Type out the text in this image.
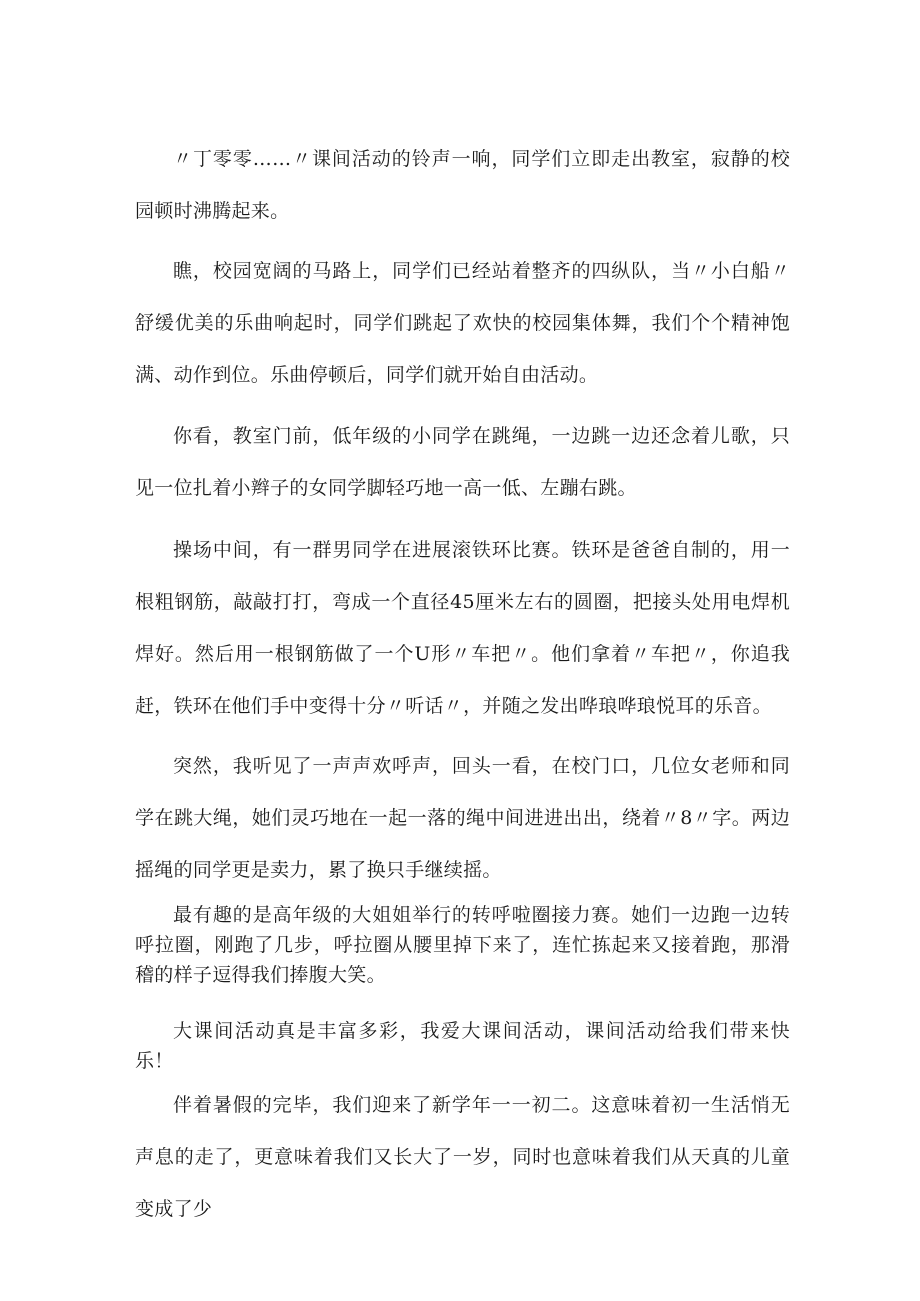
〃丁零零……〃课间活动的铃声一响，同学们立即走出教室，寂静的校园顿时沸腾起来。

瞧，校园宽阔的马路上，同学们已经站着整齐的四纵队，当〃小白船〃舒缓优美的乐曲响起时，同学们跳起了欢快的校园集体舞，我们个个精神饱满、动作到位。乐曲停顿后，同学们就开始自由活动。

你看，教室门前，低年级的小同学在跳绳，一边跳一边还念着儿歌，只见一位扎着小辫子的女同学脚轻巧地一高一低、左蹦右跳。

操场中间，有一群男同学在进展滚铁环比赛。铁环是爸爸自制的，用一根粗钢筋，敲敲打打，弯成一个直径45厘米左右的圆圈，把接头处用电焊机焊好。然后用一根钢筋做了一个U形〃车把〃。他们拿着〃车把〃，你追我赶，铁环在他们手中变得十分〃听话〃，并随之发出哗琅哗琅悦耳的乐音。

突然，我听见了一声声欢呼声，回头一看，在校门口，几位女老师和同学在跳大绳，她们灵巧地在一起一落的绳中间进进出出，绕着〃8〃字。两边摇绳的同学更是卖力，累了换只手继续摇。

最有趣的是高年级的大姐姐举行的转呼啦圈接力赛。她们一边跑一边转呼拉圈，刚跑了几步，呼拉圈从腰里掉下来了，连忙拣起来又接着跑，那滑稽的样子逗得我们捧腹大笑。

大课间活动真是丰富多彩，我爱大课间活动，课间活动给我们带来快乐！

伴着暑假的完毕，我们迎来了新学年一一初二。这意味着初一生活悄无声息的走了，更意味着我们又长大了一岁，同时也意味着我们从天真的儿童变成了少
